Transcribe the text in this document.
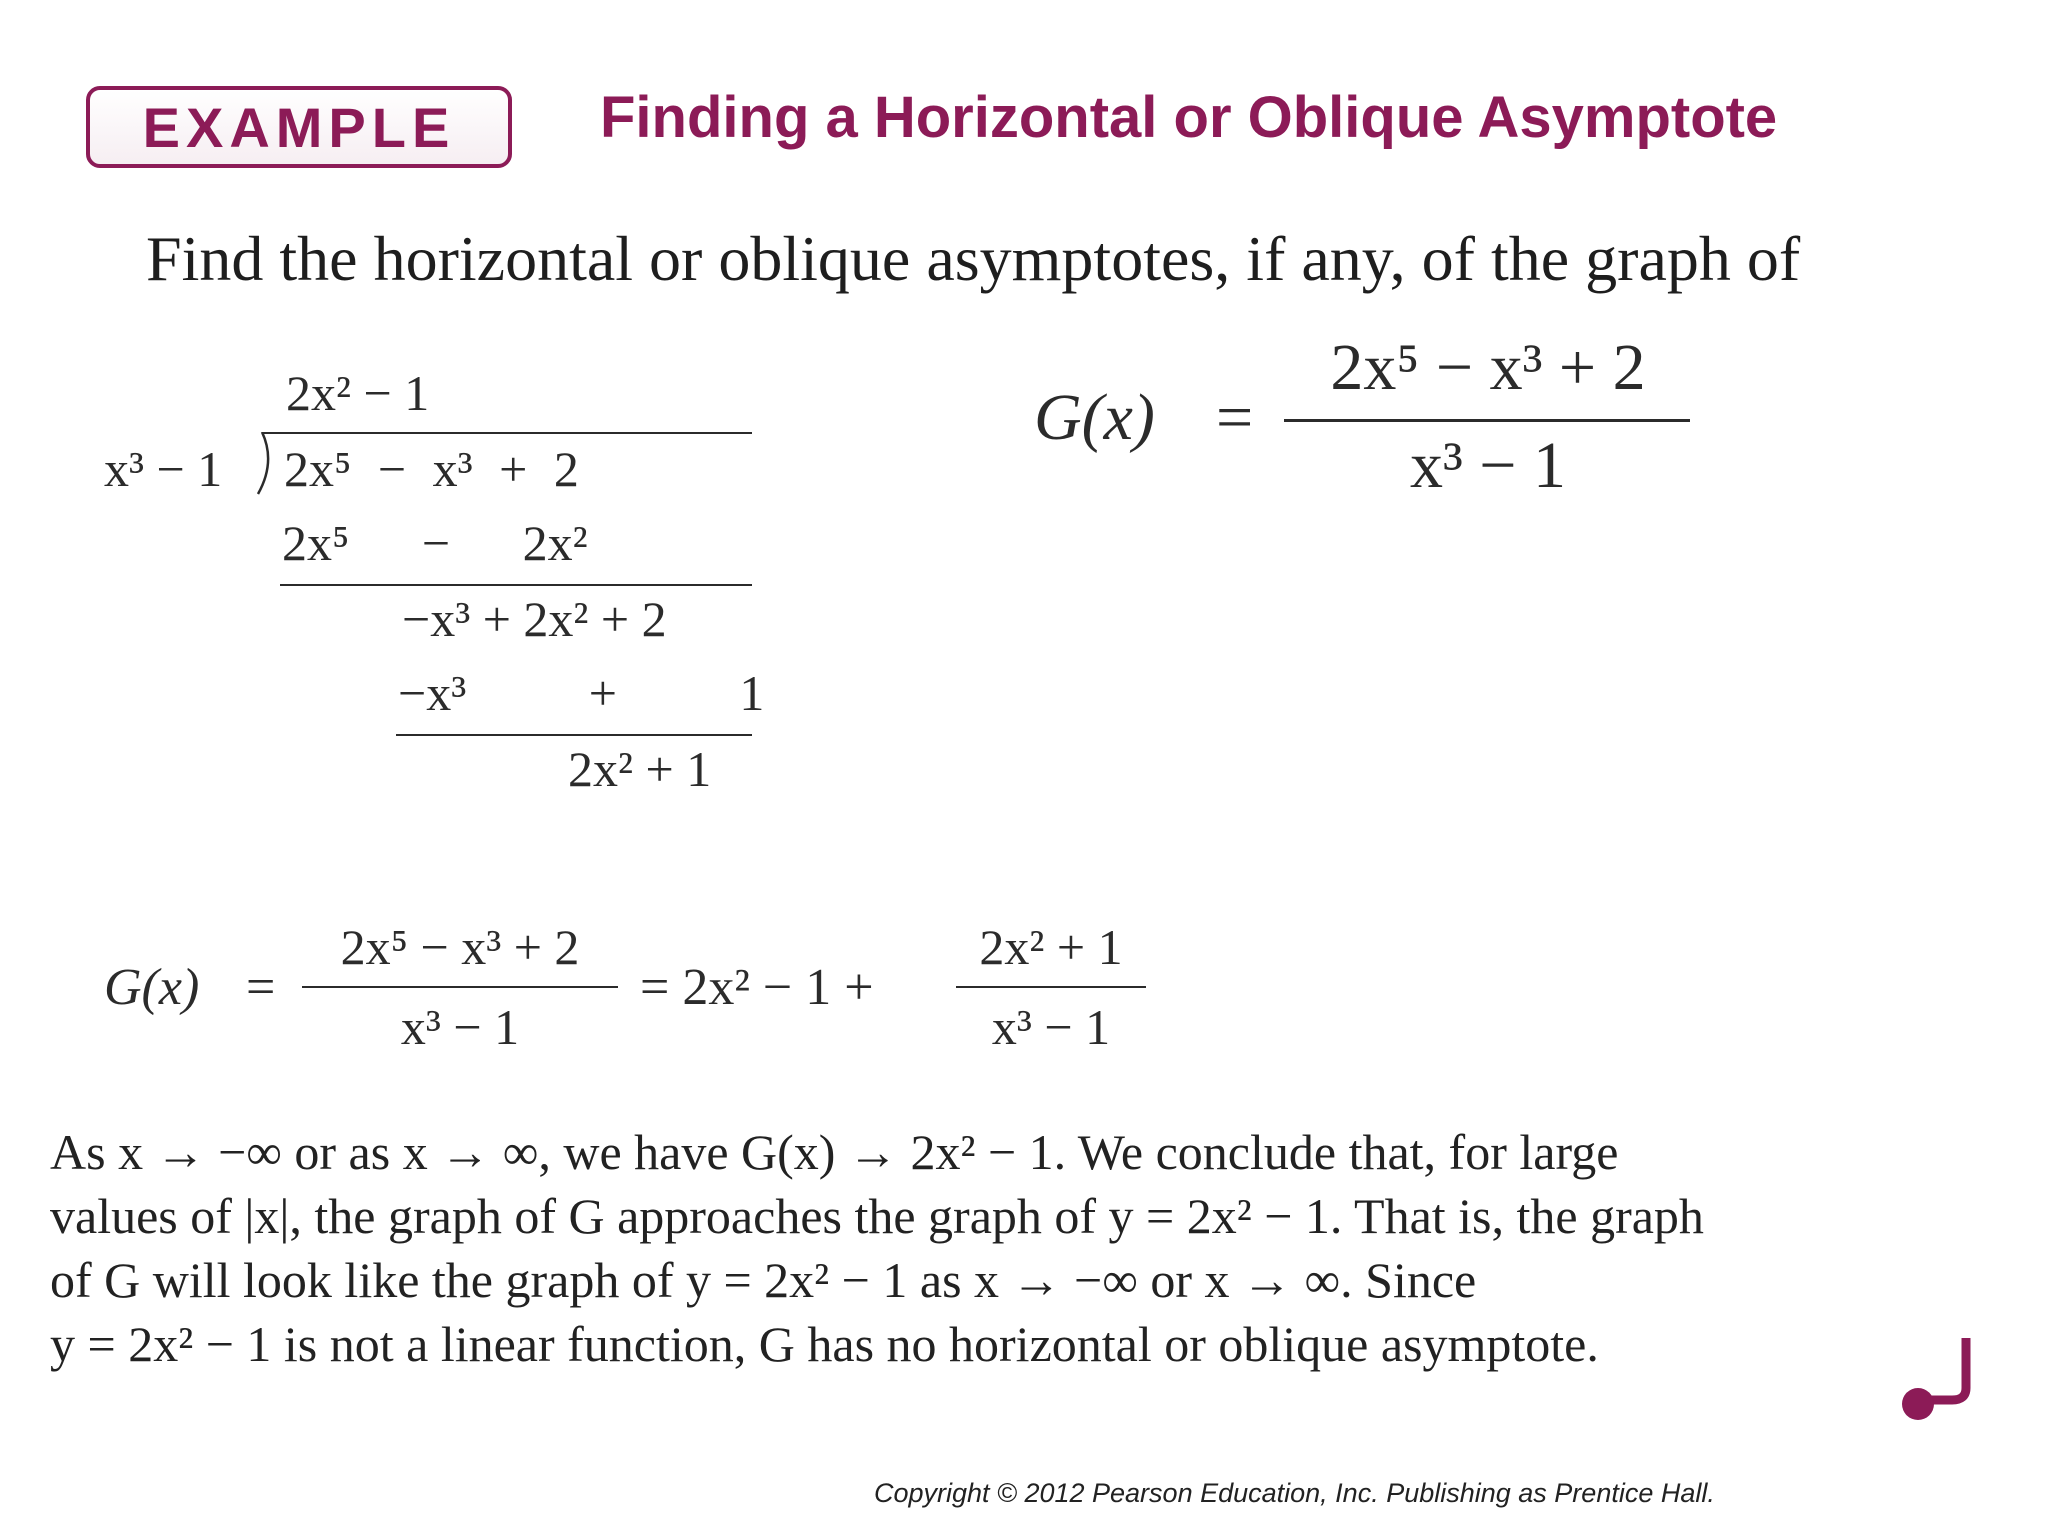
EXAMPLE Finding a Horizontal or Oblique Asymptote
Find the horizontal or oblique asymptotes, if any, of the graph of
G(x) =
2x⁵ − x³ + 2
x³ − 1
2x² − 1
x³ − 1 2x⁵ − x³ + 2
2x⁵ − 2x²
−x³ + 2x² + 2
−x³ + 1
2x² + 1
G(x) =
2x⁵ − x³ + 2
x³ − 1
= 2x² − 1 +
2x² + 1
x³ − 1
As x → −∞ or as x → ∞, we have G(x) → 2x² − 1. We conclude that, for large
values of |x|, the graph of G approaches the graph of y = 2x² − 1. That is, the graph
of G will look like the graph of y = 2x² − 1 as x → −∞ or x → ∞. Since
y = 2x² − 1 is not a linear function, G has no horizontal or oblique asymptote.
Copyright © 2012 Pearson Education, Inc. Publishing as Prentice Hall.
